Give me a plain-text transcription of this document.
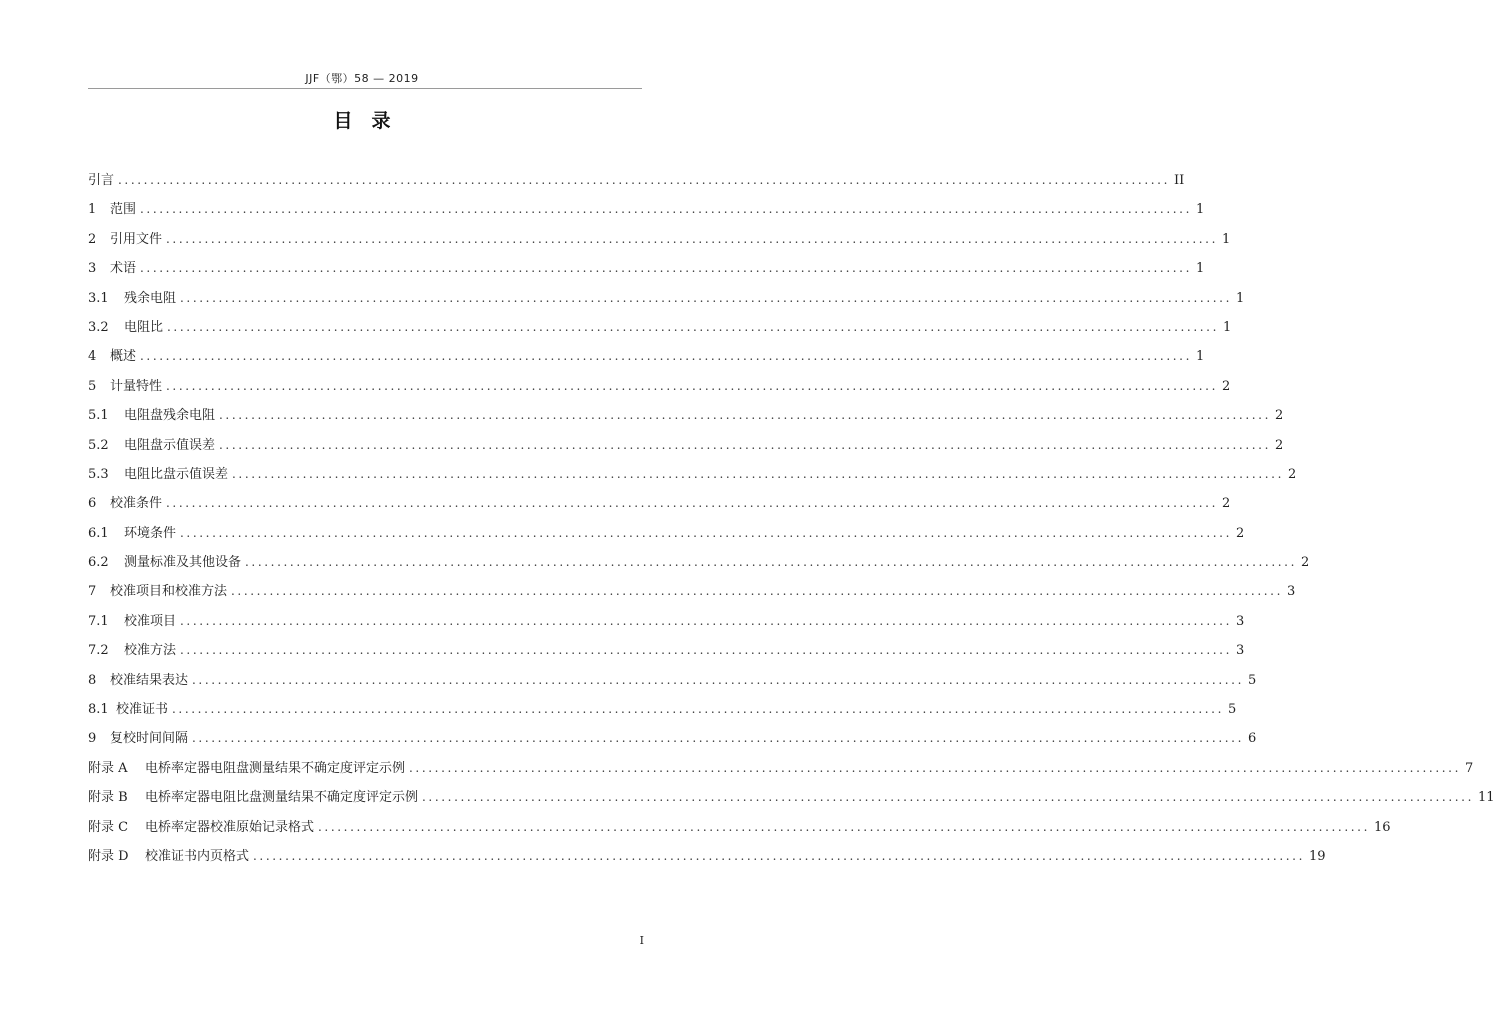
JJF（鄂）58 — 2019
目　录
引言 .................................................................................................................................................................... II
1	范围 .................................................................................................................................................................... 1
2	引用文件 .................................................................................................................................................................... 1
3	术语 .................................................................................................................................................................... 1
3.1	残余电阻 .................................................................................................................................................................... 1
3.2	电阻比 .................................................................................................................................................................... 1
4	概述 .................................................................................................................................................................... 1
5	计量特性 .................................................................................................................................................................... 2
5.1	电阻盘残余电阻 .................................................................................................................................................................... 2
5.2	电阻盘示值误差 .................................................................................................................................................................... 2
5.3	电阻比盘示值误差 .................................................................................................................................................................... 2
6	校准条件 .................................................................................................................................................................... 2
6.1	环境条件 .................................................................................................................................................................... 2
6.2	测量标准及其他设备 .................................................................................................................................................................... 2
7	校准项目和校准方法 .................................................................................................................................................................... 3
7.1	校准项目 .................................................................................................................................................................... 3
7.2	校准方法 .................................................................................................................................................................... 3
8	校准结果表达 .................................................................................................................................................................... 5
8.1 校准证书 .................................................................................................................................................................... 5
9	复校时间间隔 .................................................................................................................................................................... 6
附录 A	电桥率定器电阻盘测量结果不确定度评定示例 .................................................................................................................................................................... 7
附录 B	电桥率定器电阻比盘测量结果不确定度评定示例 .................................................................................................................................................................... 11
附录 C	电桥率定器校准原始记录格式 .................................................................................................................................................................... 16
附录 D	校准证书内页格式 .................................................................................................................................................................... 19
I
